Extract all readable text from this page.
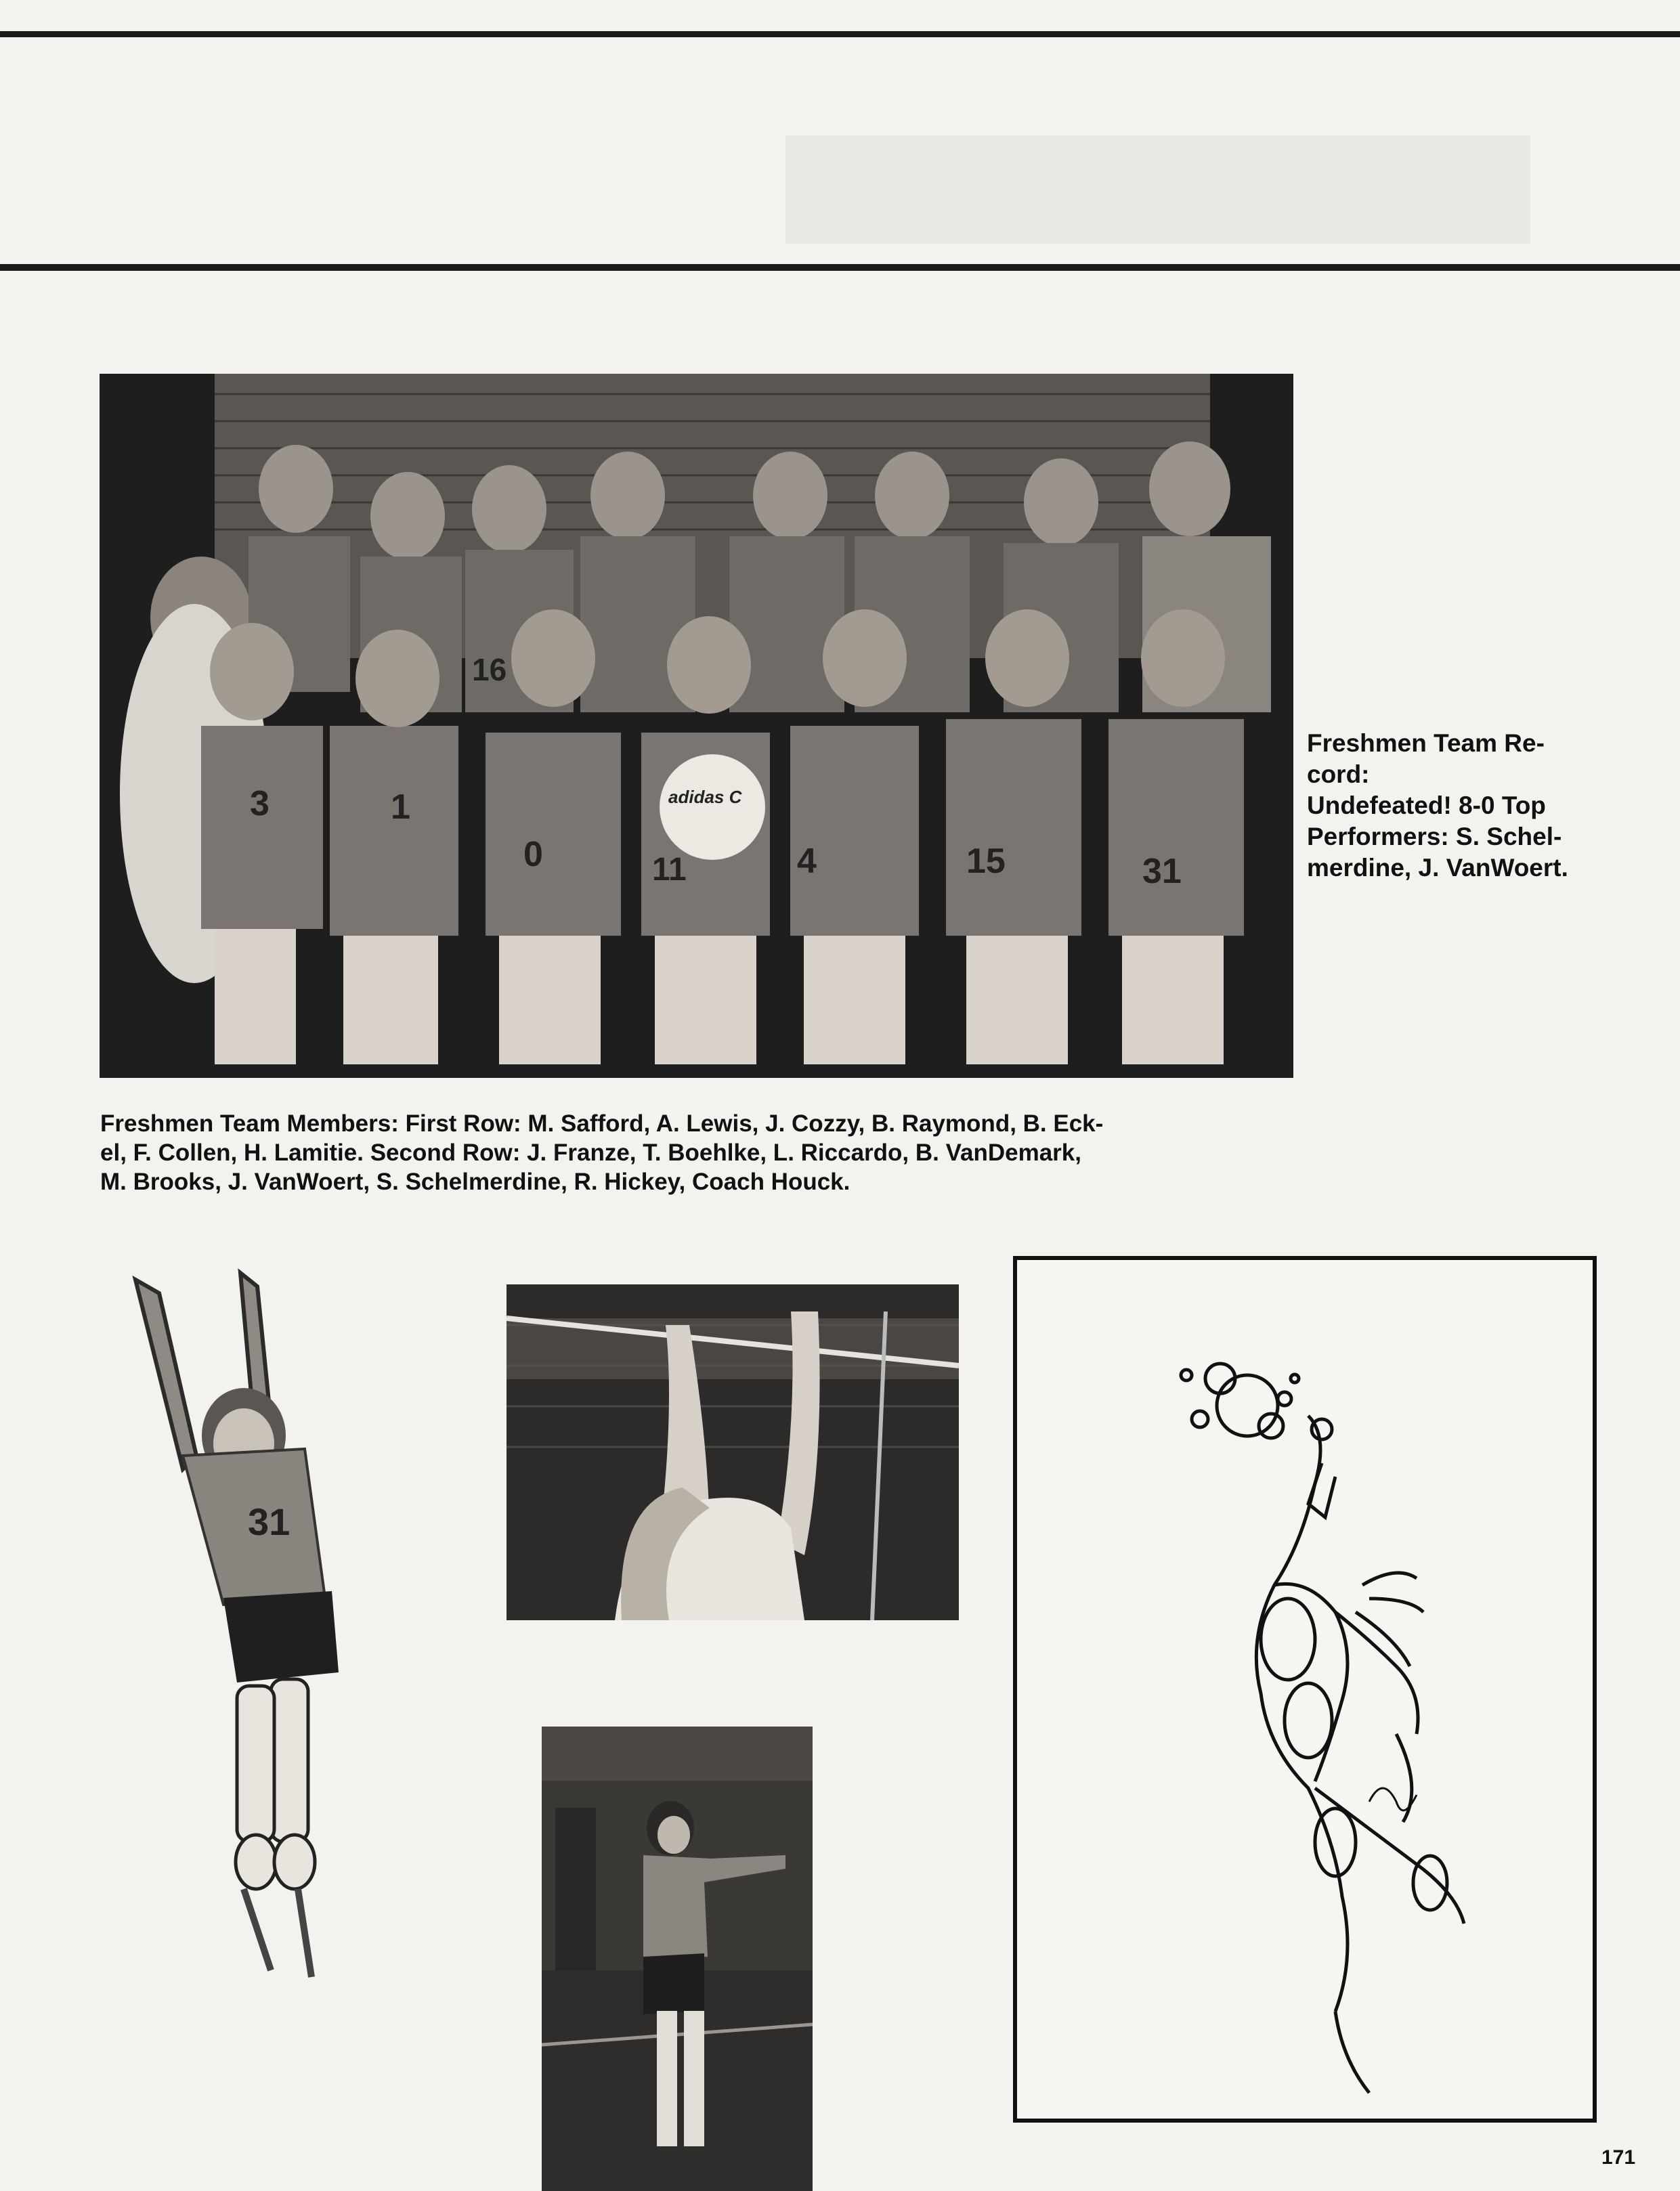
3	1
0	11	4	15	31
16
adidas C

Freshmen Team Re-

cord:

Undefeated! 8-0 Top

Performers: S. Schel-

merdine, J. VanWoert.

Freshmen Team Members: First Row: M. Safford, A. Lewis, J. Cozzy, B. Raymond, B. Eck-

el, F. Collen, H. Lamitie. Second Row: J. Franze, T. Boehlke, L. Riccardo, B. VanDemark,

M. Brooks, J. VanWoert, S. Schelmerdine, R. Hickey, Coach Houck.

31
171
